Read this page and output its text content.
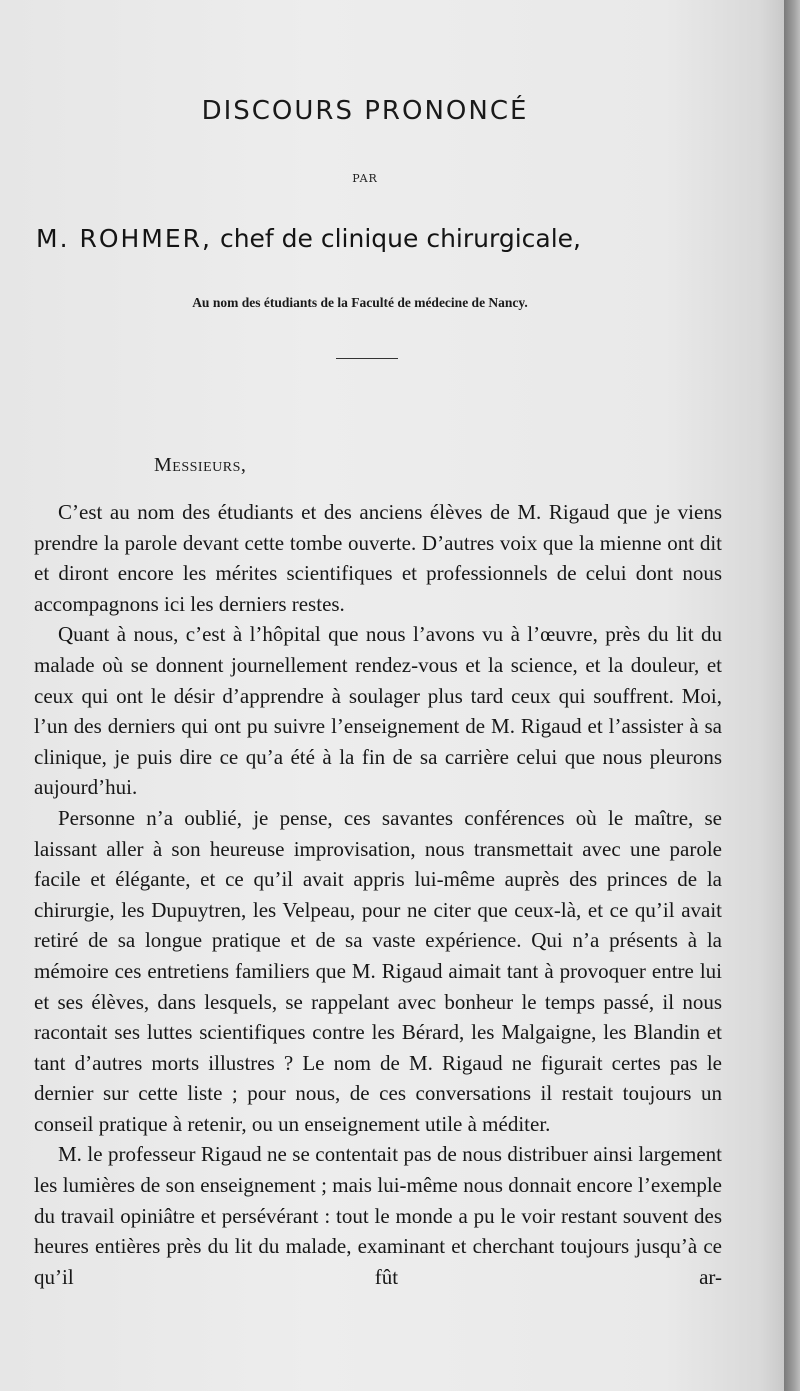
DISCOURS PRONONCÉ
PAR
M. ROHMER, chef de clinique chirurgicale,
Au nom des étudiants de la Faculté de médecine de Nancy.
Messieurs,

C’est au nom des étudiants et des anciens élèves de M. Rigaud que je viens prendre la parole devant cette tombe ouverte. D’autres voix que la mienne ont dit et diront encore les mérites scientifiques et professionnels de celui dont nous accompagnons ici les derniers restes.

Quant à nous, c’est à l’hôpital que nous l’avons vu à l’œuvre, près du lit du malade où se donnent journellement rendez-vous et la science, et la douleur, et ceux qui ont le désir d’apprendre à soulager plus tard ceux qui souffrent. Moi, l’un des derniers qui ont pu suivre l’enseignement de M. Rigaud et l’assister à sa clinique, je puis dire ce qu’a été à la fin de sa carrière celui que nous pleurons aujourd’hui.

Personne n’a oublié, je pense, ces savantes conférences où le maître, se laissant aller à son heureuse improvisation, nous transmettait avec une parole facile et élégante, et ce qu’il avait appris lui-même auprès des princes de la chirurgie, les Dupuytren, les Velpeau, pour ne citer que ceux-là, et ce qu’il avait retiré de sa longue pratique et de sa vaste expérience. Qui n’a présents à la mémoire ces entretiens familiers que M. Rigaud aimait tant à provoquer entre lui et ses élèves, dans lesquels, se rappelant avec bonheur le temps passé, il nous racontait ses luttes scientifiques contre les Bérard, les Malgaigne, les Blandin et tant d’autres morts illustres ? Le nom de M. Rigaud ne figurait certes pas le dernier sur cette liste ; pour nous, de ces conversations il restait toujours un conseil pratique à retenir, ou un enseignement utile à méditer.

M. le professeur Rigaud ne se contentait pas de nous distribuer ainsi largement les lumières de son enseignement ; mais lui-même nous donnait encore l’exemple du travail opiniâtre et persévérant : tout le monde a pu le voir restant souvent des heures entières près du lit du malade, examinant et cherchant toujours jusqu’à ce qu’il fût ar-
